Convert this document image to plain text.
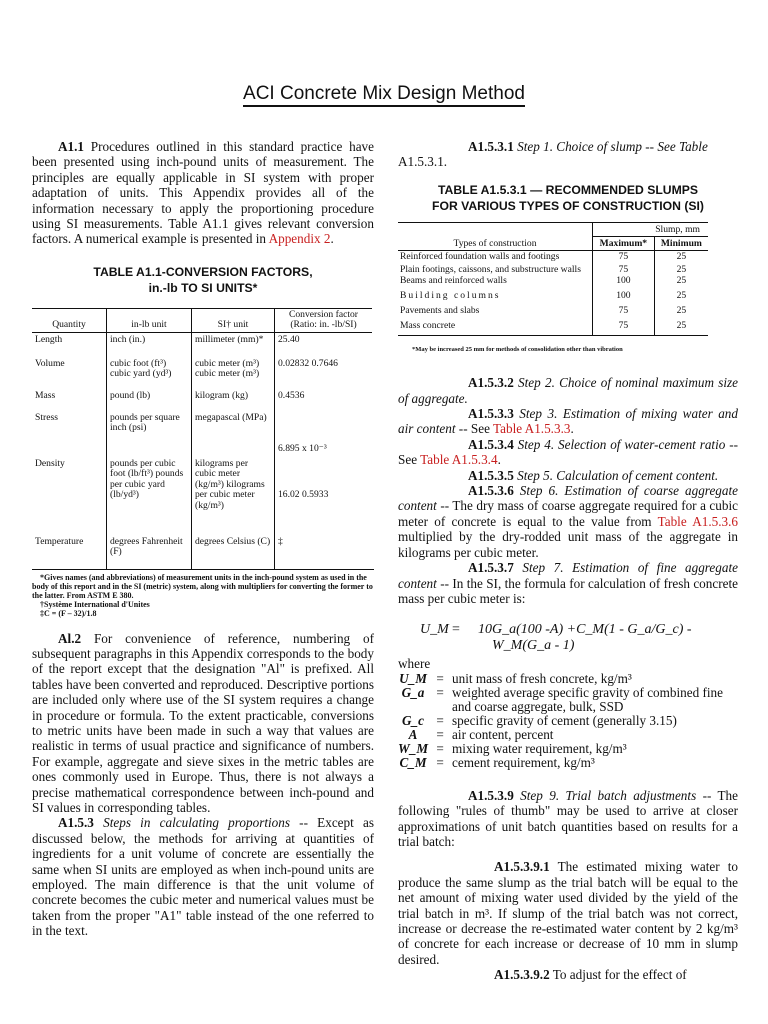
ACI Concrete Mix Design Method

A1.1 Procedures outlined in this standard practice have been presented using inch-pound units of measurement. The principles are equally applicable in SI system with proper adaptation of units. This Appendix provides all of the information necessary to apply the proportioning procedure using SI measurements. Table A1.1 gives relevant conversion factors. A numerical example is presented in Appendix 2.

TABLE A1.1-CONVERSION FACTORS,
in.-lb TO SI UNITS*
Quantity	in-lb unit	SI† unit	Conversion factor (Ratio: in. -lb/SI)
Length	inch (in.)	millimeter (mm)*	25.40
Volume	cubic foot (ft³) cubic yard (yd³)	cubic meter (m³) cubic meter (m³)	0.02832 0.7646
Mass	pound (lb)	kilogram (kg)	0.4536
Stress	pounds per square inch (psi)	megapascal (MPa)	6.895 x 10⁻³
Density	pounds per cubic foot (lb/ft³) pounds per cubic yard (lb/yd³)	kilograms per cubic meter (kg/m³) kilograms per cubic meter (kg/m³)	16.02 0.5933
Temperature	degrees Fahrenheit (F)	degrees Celsius (C)	‡
*Gives names (and abbreviations) of measurement units in the inch-pound system as used in the body of this report and in the SI (metric) system, along with multipliers for converting the former to the latter. From ASTM E 380.
†Système International d'Unites
‡C = (F – 32)/1.8

Al.2 For convenience of reference, numbering of subsequent paragraphs in this Appendix corresponds to the body of the report except that the designation "Al" is prefixed. All tables have been converted and reproduced. Descriptive portions are included only where use of the SI system requires a change in procedure or formula. To the extent practicable, conversions to metric units have been made in such a way that values are realistic in terms of usual practice and significance of numbers. For example, aggregate and sieve sixes in the metric tables are ones commonly used in Europe. Thus, there is not always a precise mathematical correspondence between inch-pound and SI values in corresponding tables.

A1.5.3 Steps in calculating proportions -- Except as discussed below, the methods for arriving at quantities of ingredients for a unit volume of concrete are essentially the same when SI units are employed as when inch-pound units are employed. The main difference is that the unit volume of concrete becomes the cubic meter and numerical values must be taken from the proper "A1" table instead of the one referred to in the text.

A1.5.3.1 Step 1. Choice of slump -- See Table
A1.5.3.1.

TABLE A1.5.3.1 — RECOMMENDED SLUMPS
FOR VARIOUS TYPES OF CONSTRUCTION (SI)
	Slump, mm	
Types of construction	Maximum*	Minimum
Reinforced foundation walls and footings	75	25
Plain footings, caissons, and substructure walls	75	25
Beams and reinforced walls	100	25
Building columns	100	25
Pavements and slabs	75	25
Mass concrete	75	25
*May be increased 25 mm for methods of consolidation other than vibration

A1.5.3.2 Step 2. Choice of nominal maximum size of aggregate.

A1.5.3.3 Step 3. Estimation of mixing water and air content -- See Table A1.5.3.3.

A1.5.3.4 Step 4. Selection of water-cement ratio -- See Table A1.5.3.4.

A1.5.3.5 Step 5. Calculation of cement content.

A1.5.3.6 Step 6. Estimation of coarse aggregate content -- The dry mass of coarse aggregate required for a cubic meter of concrete is equal to the value from Table A1.5.3.6 multiplied by the dry-rodded unit mass of the aggregate in kilograms per cubic meter.

A1.5.3.7 Step 7. Estimation of fine aggregate content -- In the SI, the formula for calculation of fresh concrete mass per cubic meter is:

U_M = 10G_a(100 -A) +C_M(1 - G_a/G_c) -
W_M(G_a - 1)
where
U_M	=	unit mass of fresh concrete, kg/m³
G_a	=	weighted average specific gravity of combined fine and coarse aggregate, bulk, SSD
G_c	=	specific gravity of cement (generally 3.15)
A	=	air content, percent
W_M	=	mixing water requirement, kg/m³
C_M	=	cement requirement, kg/m³

A1.5.3.9 Step 9. Trial batch adjustments -- The following "rules of thumb" may be used to arrive at closer approximations of unit batch quantities based on results for a trial batch:

A1.5.3.9.1 The estimated mixing water to produce the same slump as the trial batch will be equal to the net amount of mixing water used divided by the yield of the trial batch in m³. If slump of the trial batch was not correct, increase or decrease the re-estimated water content by 2 kg/m³ of concrete for each increase or decrease of 10 mm in slump desired.

A1.5.3.9.2 To adjust for the effect of
